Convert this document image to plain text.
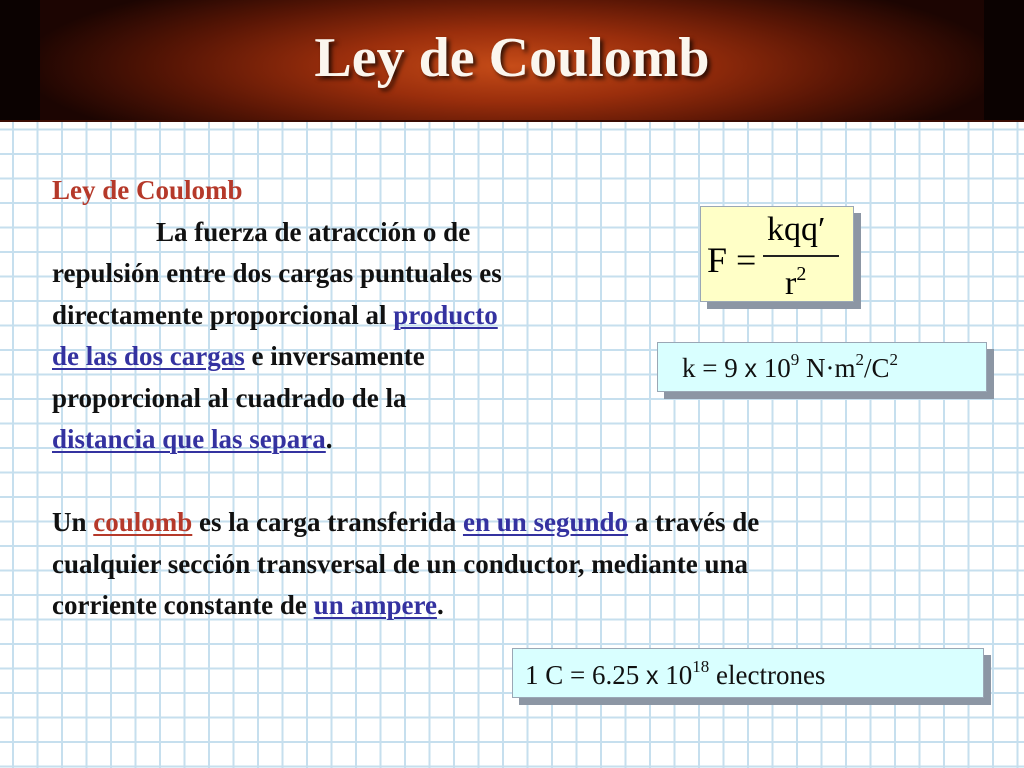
Ley de Coulomb
Ley de Coulomb
La fuerza de atracción o de
repulsión entre dos cargas puntuales es
directamente proporcional al producto
de las dos cargas e inversamente
proporcional al cuadrado de la
distancia que las separa.
F =
kqq′
$r^2$
k = 9 x $10^9$ $N\cdot m^2/C^2$
Un coulomb es la carga transferida en un segundo a través de
cualquier sección transversal de un conductor, mediante una
corriente constante de un ampere.
1 C = 6.25 x $10^{18}$ electrones
